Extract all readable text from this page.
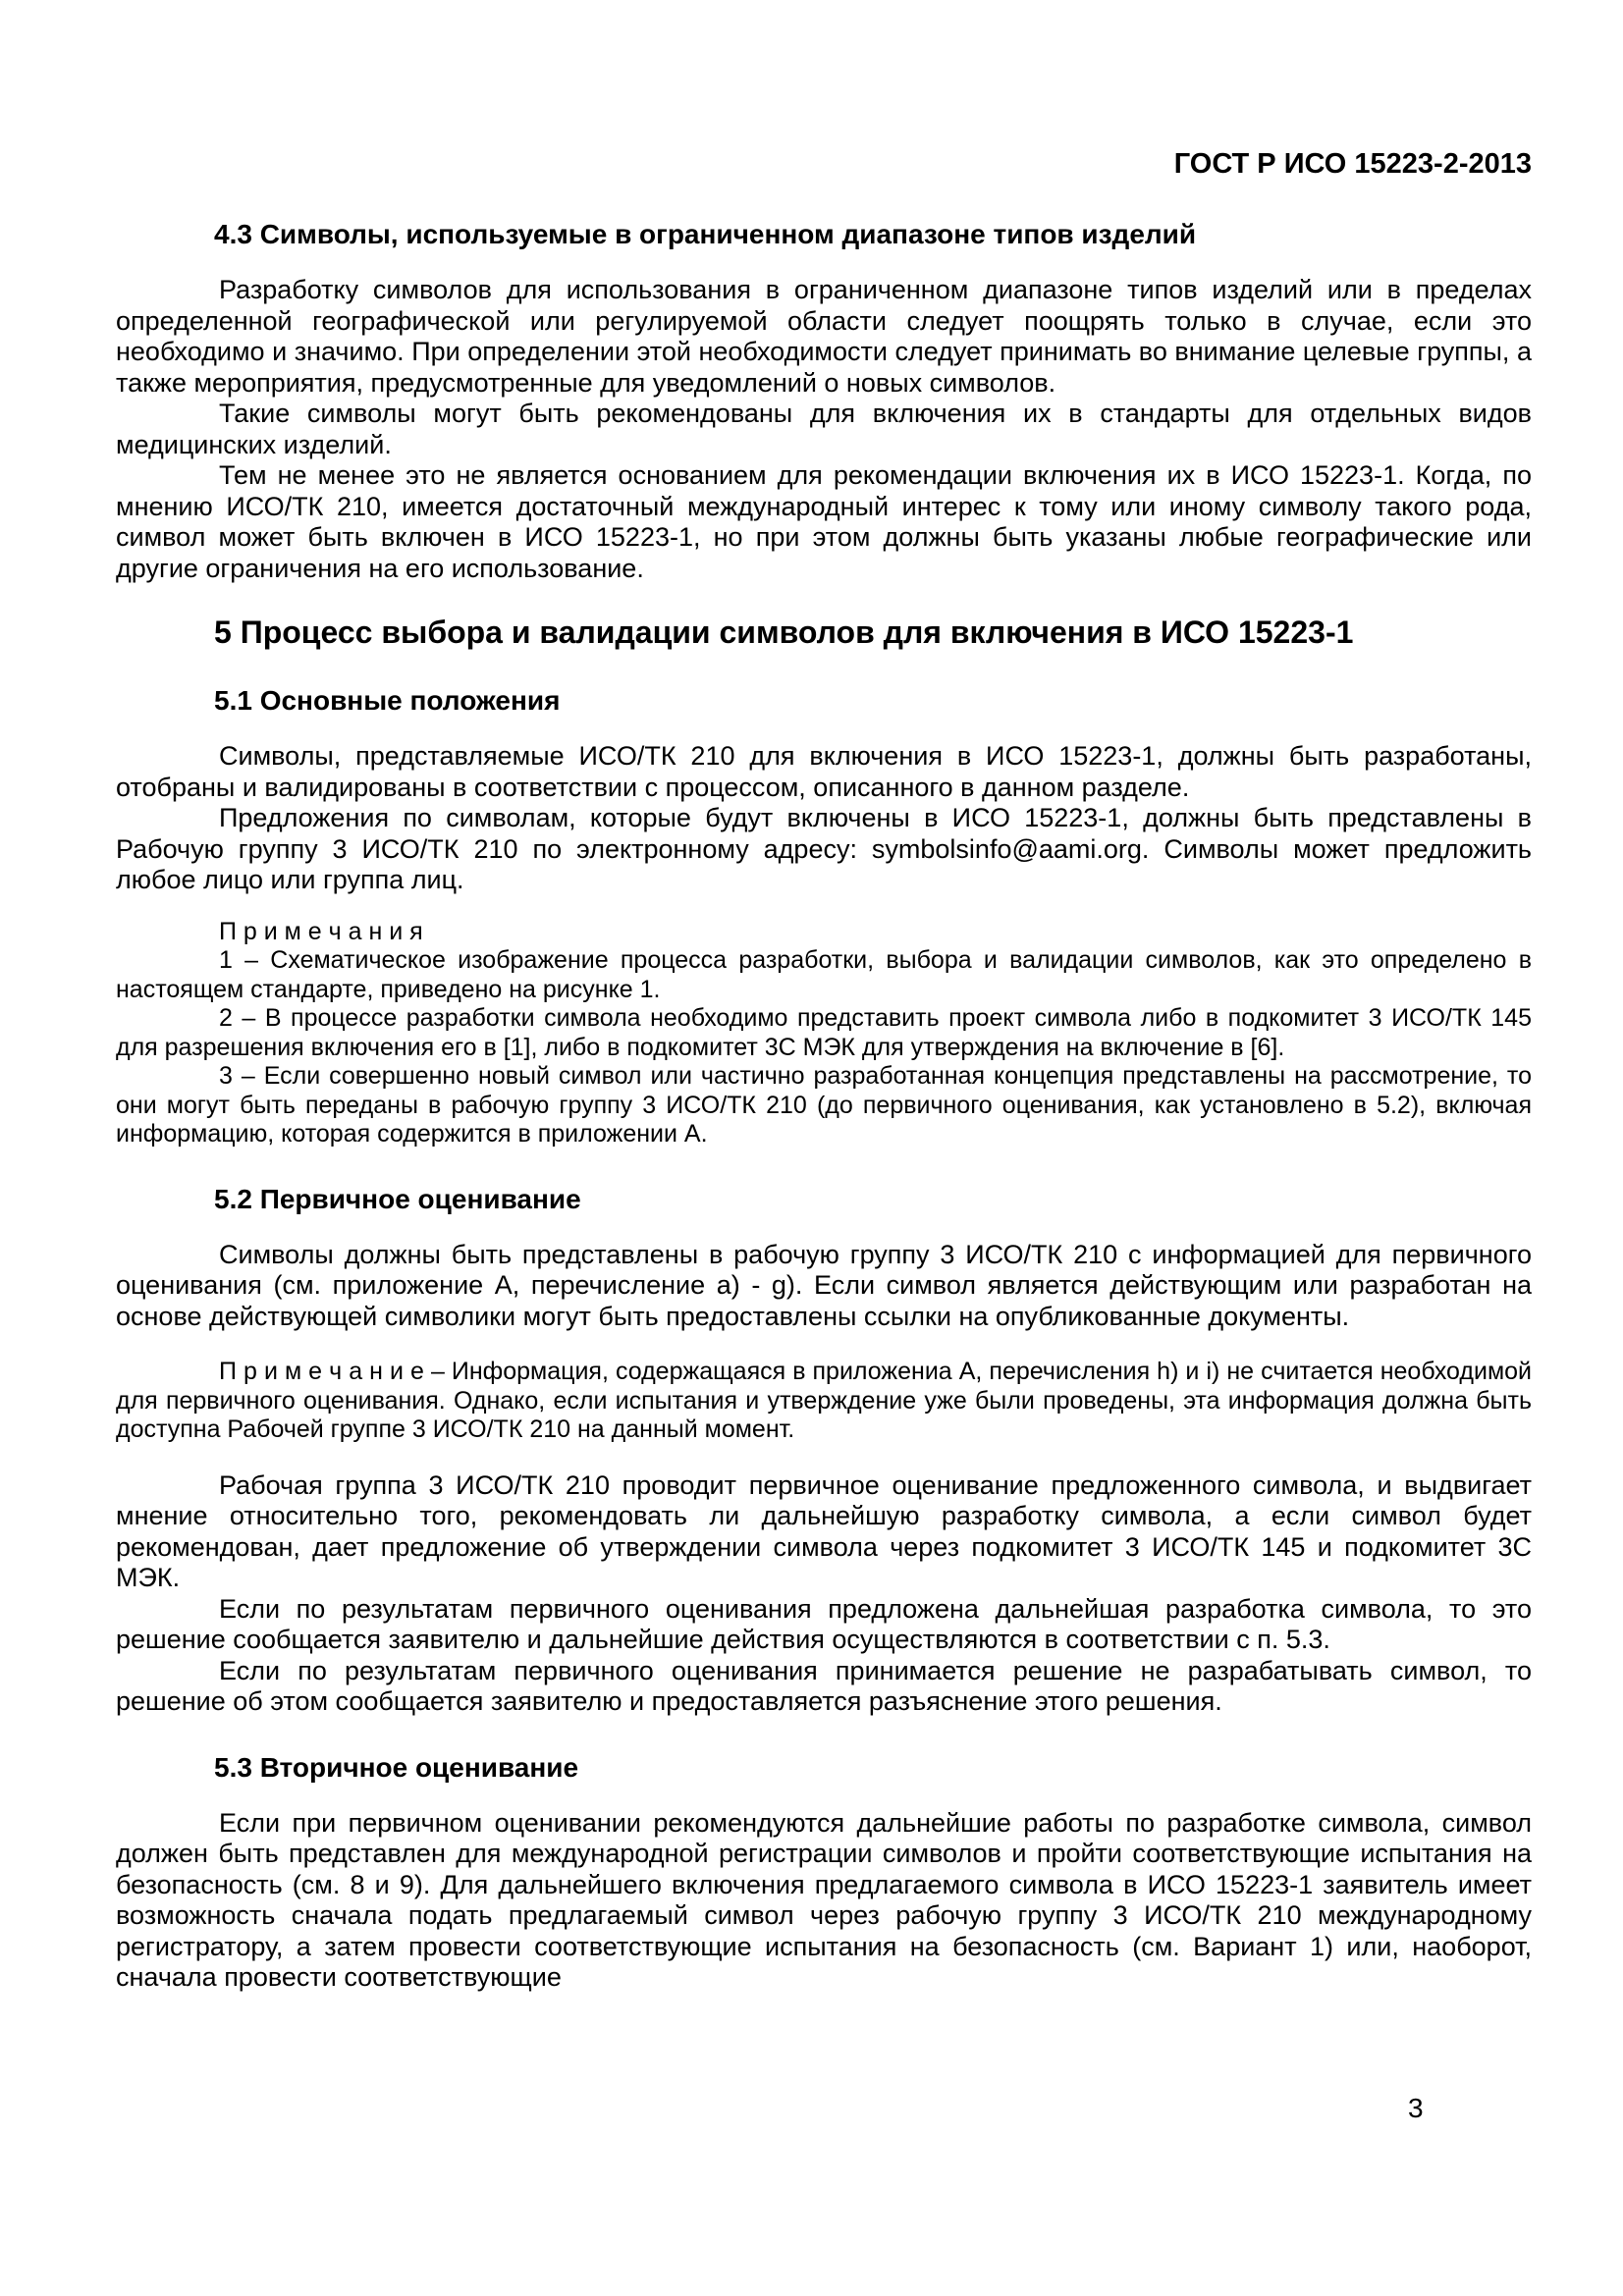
ГОСТ Р ИСО 15223-2-2013
4.3 Символы, используемые в ограниченном диапазоне типов изделий

Разработку символов для использования в ограниченном диапазоне типов изделий или в пределах определенной географической или регулируемой области следует поощрять только в случае, если это необходимо и значимо. При определении этой необходимости следует принимать во внимание целевые группы, а также мероприятия, предусмотренные для уведомлений о новых символов.

Такие символы могут быть рекомендованы для включения их в стандарты для отдельных видов медицинских изделий.

Тем не менее это не является основанием для рекомендации включения их в ИСО 15223-1. Когда, по мнению ИСО/ТК 210, имеется достаточный международный интерес к тому или иному символу такого рода, символ может быть включен в ИСО 15223-1, но при этом должны быть указаны любые географические или другие ограничения на его использование.

5 Процесс выбора и валидации символов для включения в ИСО 15223-1
5.1 Основные положения

Символы, представляемые ИСО/ТК 210 для включения в ИСО 15223-1, должны быть разработаны, отобраны и валидированы в соответствии с процессом, описанного в данном разделе.

Предложения по символам, которые будут включены в ИСО 15223-1, должны быть представлены в Рабочую группу 3 ИСО/ТК 210 по электронному адресу: symbolsinfo@aami.org. Символы может предложить любое лицо или группа лиц.

П р и м е ч а н и я

1 – Схематическое изображение процесса разработки, выбора и валидации символов, как это определено в настоящем стандарте, приведено на рисунке 1.

2 – В процессе разработки символа необходимо представить проект символа либо в подкомитет 3 ИСО/ТК 145 для разрешения включения его в [1], либо в подкомитет 3С МЭК для утверждения на включение в [6].

3 – Если совершенно новый символ или частично разработанная концепция представлены на рассмотрение, то они могут быть переданы в рабочую группу 3 ИСО/ТК 210 (до первичного оценивания, как установлено в 5.2), включая информацию, которая содержится в приложении А.

5.2 Первичное оценивание

Символы должны быть представлены в рабочую группу 3 ИСО/ТК 210 с информацией для первичного оценивания (см. приложение А, перечисление a) - g). Если символ является действующим или разработан на основе действующей символики могут быть предоставлены ссылки на опубликованные документы.

П р и м е ч а н и е – Информация, содержащаяся в приложениа А, перечисления h) и i) не считается необходимой для первичного оценивания. Однако, если испытания и утверждение уже были проведены, эта информация должна быть доступна Рабочей группе 3 ИСО/ТК 210 на данный момент.

Рабочая группа 3 ИСО/ТК 210 проводит первичное оценивание предложенного символа, и выдвигает мнение относительно того, рекомендовать ли дальнейшую разработку символа, а если символ будет рекомендован, дает предложение об утверждении символа через подкомитет 3 ИСО/ТК 145 и подкомитет 3С МЭК.

Если по результатам первичного оценивания предложена дальнейшая разработка символа, то это решение сообщается заявителю и дальнейшие действия осуществляются в соответствии с п. 5.3.

Если по результатам первичного оценивания принимается решение не разрабатывать символ, то решение об этом сообщается заявителю и предоставляется разъяснение этого решения.

5.3 Вторичное оценивание

Если при первичном оценивании рекомендуются дальнейшие работы по разработке символа, символ должен быть представлен для международной регистрации символов и пройти соответствующие испытания на безопасность (см. 8 и 9). Для дальнейшего включения предлагаемого символа в ИСО 15223-1 заявитель имеет возможность сначала подать предлагаемый символ через рабочую группу 3 ИСО/ТК 210 международному регистратору, а затем провести соответствующие испытания на безопасность (см. Вариант 1) или, наоборот, сначала провести соответствующие

3
